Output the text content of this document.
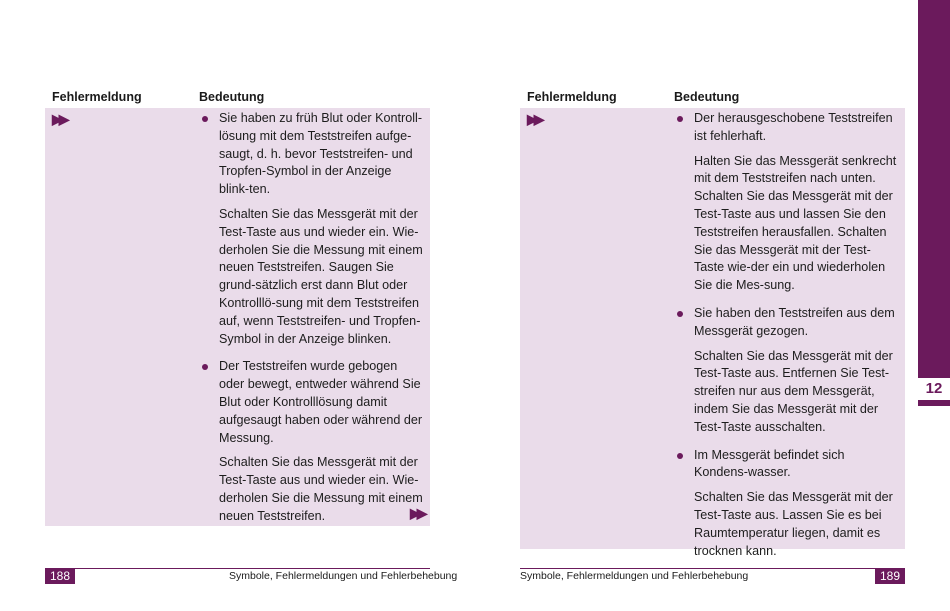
Fehlermeldung	Bedeutung
▶▶	Sie haben zu früh Blut oder Kontroll-lösung mit dem Teststreifen aufge-saugt, d. h. bevor Teststreifen- und Tropfen-Symbol in der Anzeige blink-ten.

Schalten Sie das Messgerät mit der Test-Taste aus und wieder ein. Wie-derholen Sie die Messung mit einem neuen Teststreifen. Saugen Sie grund-sätzlich erst dann Blut oder Kontrolllö-sung mit dem Teststreifen auf, wenn Teststreifen- und Tropfen-Symbol in der Anzeige blinken.

Der Teststreifen wurde gebogen oder bewegt, entweder während Sie Blut oder Kontrolllösung damit aufgesaugt haben oder während der Messung.

Schalten Sie das Messgerät mit der Test-Taste aus und wieder ein. Wie-derholen Sie die Messung mit einem neuen Teststreifen.	▶▶
188	Symbole, Fehlermeldungen und Fehlerbehebung
Fehlermeldung	Bedeutung
▶▶	Der herausgeschobene Teststreifen ist fehlerhaft.

Halten Sie das Messgerät senkrecht mit dem Teststreifen nach unten. Schalten Sie das Messgerät mit der Test-Taste aus und lassen Sie den Teststreifen herausfallen. Schalten Sie das Messgerät mit der Test-Taste wie-der ein und wiederholen Sie die Mes-sung.

Sie haben den Teststreifen aus dem Messgerät gezogen.

Schalten Sie das Messgerät mit der Test-Taste aus. Entfernen Sie Test-streifen nur aus dem Messgerät, indem Sie das Messgerät mit der Test-Taste ausschalten.

Im Messgerät befindet sich Kondens-wasser.

Schalten Sie das Messgerät mit der Test-Taste aus. Lassen Sie es bei Raumtemperatur liegen, damit es trocknen kann.

Symbole, Fehlermeldungen und Fehlerbehebung	189
12
